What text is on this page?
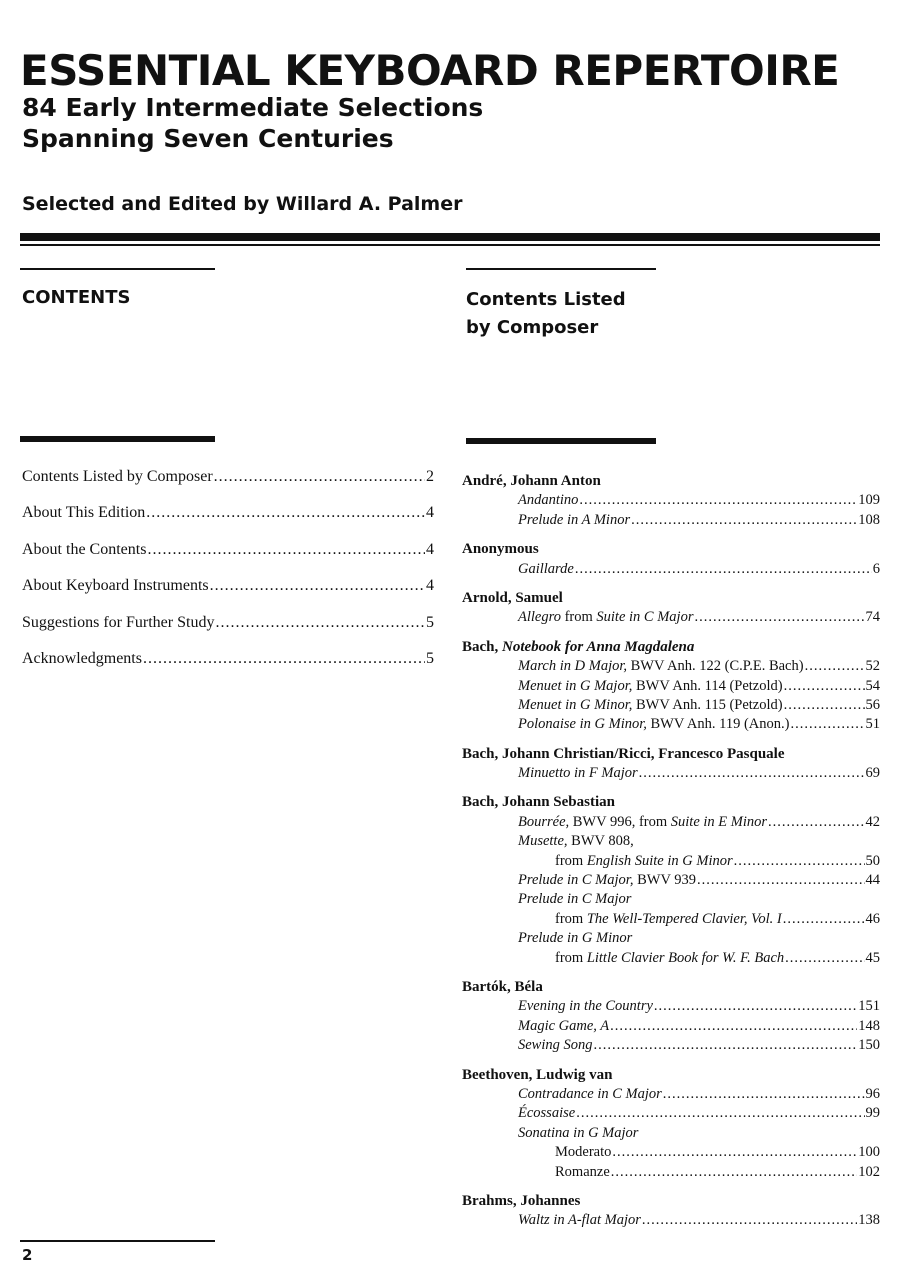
ESSENTIAL KEYBOARD REPERTOIRE
84 Early Intermediate Selections
Spanning Seven Centuries
Selected and Edited by Willard A. Palmer
CONTENTS	Contents Listed
by Composer
Contents Listed by Composer .....	2
About This Edition .....	4
About the Contents .....	4
About Keyboard Instruments .....	4
Suggestions for Further Study .....	5
Acknowledgments .....	5
André, Johann Anton
Andantino .....	109
Prelude in A Minor .....	108
Anonymous
Gaillarde .....	6
Arnold, Samuel
Allegro from Suite in C Major .....	74
Bach, Notebook for Anna Magdalena
March in D Major, BWV Anh. 122 (C.P.E. Bach) .....	52
Menuet in G Major, BWV Anh. 114 (Petzold) .....	54
Menuet in G Minor, BWV Anh. 115 (Petzold) .....	56
Polonaise in G Minor, BWV Anh. 119 (Anon.) .....	51
Bach, Johann Christian/Ricci, Francesco Pasquale
Minuetto in F Major .....	69
Bach, Johann Sebastian
Bourrée, BWV 996, from Suite in E Minor .....	42
Musette, BWV 808,
from English Suite in G Minor .....	50
Prelude in C Major, BWV 939 .....	44
Prelude in C Major
from The Well-Tempered Clavier, Vol. I .....	46
Prelude in G Minor
from Little Clavier Book for W. F. Bach .....	45
Bartók, Béla
Evening in the Country .....	151
Magic Game, A .....	148
Sewing Song .....	150
Beethoven, Ludwig van
Contradance in C Major .....	96
Écossaise .....	99
Sonatina in G Major
Moderato .....	100
Romanze .....	102
Brahms, Johannes
Waltz in A-flat Major .....	138
2
